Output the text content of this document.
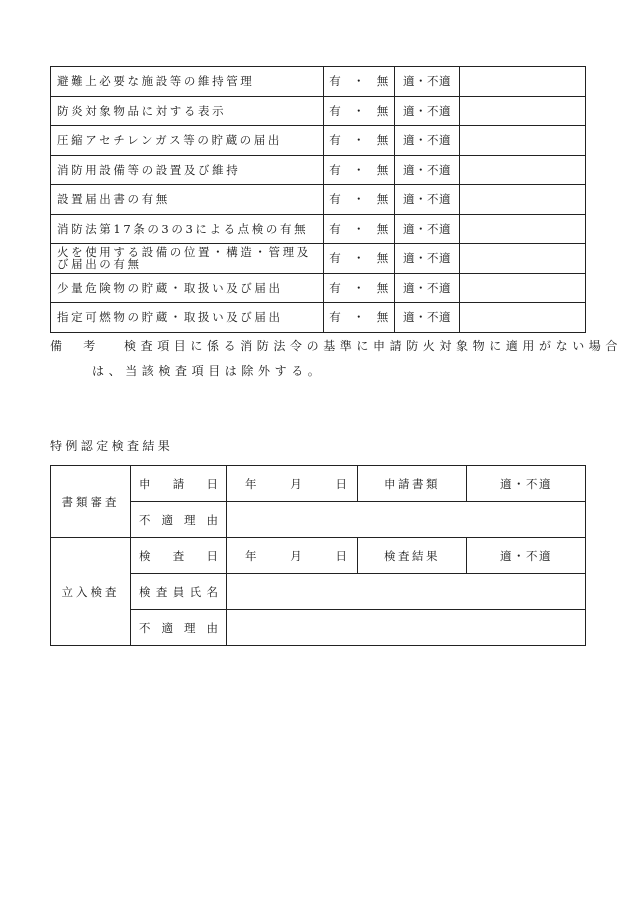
避難上必要な施設等の維持管理	有・無	適・不適	
防炎対象物品に対する表示	有・無	適・不適	
圧縮アセチレンガス等の貯蔵の届出	有・無	適・不適	
消防用設備等の設置及び維持	有・無	適・不適	
設置届出書の有無	有・無	適・不適	
消防法第17条の3の3による点検の有無	有・無	適・不適	
火を使用する設備の位置・構造・管理及び届出の有無	有・無	適・不適	
少量危険物の貯蔵・取扱い及び届出	有・無	適・不適	
指定可燃物の貯蔵・取扱い及び届出	有・無	適・不適	
備　考 検査項目に係る消防法令の基準に申請防火対象物に適用がない場合
は、当該検査項目は除外する。
特例認定検査結果
書類審査	申請日	年 月 日	申請書類	適・不適

	不適理由			

立入検査	検査日	年 月 日	検査結果	適・不適

	検査員氏名			

	不適理由			
